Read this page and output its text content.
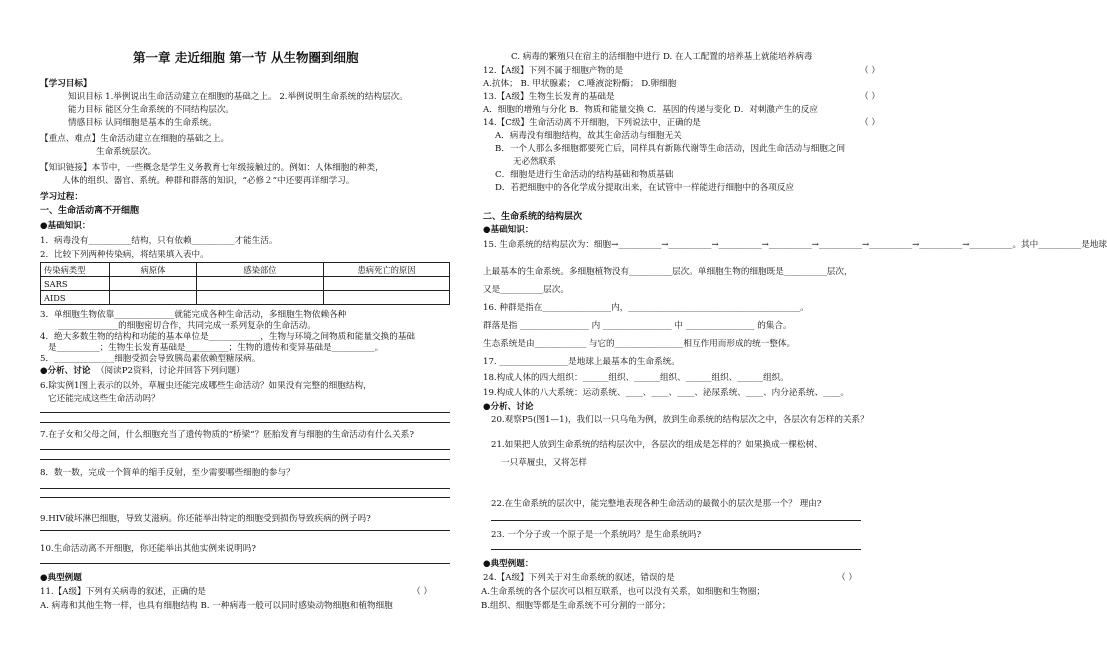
第一章 走近细胞 第一节 从生物圈到细胞
【学习目标】
知识目标 1.举例说出生命活动建立在细胞的基础之上。 2.举例说明生命系统的结构层次。
能力目标 能区分生命系统的不同结构层次。
情感目标 认同细胞是基本的生命系统。
【重点、难点】生命活动建立在细胞的基础之上。
生命系统层次。
【知识链接】本节中，一些概念是学生义务教育七年级接触过的。例如：人体细胞的种类，
人体的组织、器官、系统。种群和群落的知识，“必修２”中还要再详细学习。
学习过程：
一、生命活动离不开细胞
●基础知识：
1．病毒没有__________结构，只有依赖__________才能生活。
2．比较下列两种传染病，将结果填入表中。
传染病类型	病原体	感染部位	患病死亡的原因
SARS			
AIDS			
3．单细胞生物依靠______________就能完成各种生命活动，多细胞生物依赖各种
______________的细胞密切合作，共同完成一系列复杂的生命活动。
4．绝大多数生物的结构和功能的基本单位是____________，生物与环境之间物质和能量交换的基础
是__________；生物生长发育基础是__________；生物的遗传和变异基础是__________。
5．______________细胞受损会导致胰岛素依赖型糖尿病。
●分析、讨论 （阅读P2资料，讨论并回答下列问题）
6.除实例1图上表示的以外，草履虫还能完成哪些生命活动？如果没有完整的细胞结构，
它还能完成这些生命活动吗？
7.在子女和父母之间，什么细胞充当了遗传物质的“桥梁”？胚胎发育与细胞的生命活动有什么关系?
8．数一数，完成一个简单的缩手反射，至少需要哪些细胞的参与？
9.HIV破坏淋巴细胞，导致艾滋病。你还能举出特定的细胞受到损伤导致疾病的例子吗?
10.生命活动离不开细胞，你还能举出其他实例来说明吗?
●典型例题
11.【A级】下列有关病毒的叙述，正确的是	（ ）
A. 病毒和其他生物一样，也具有细胞结构 B. 一种病毒一般可以同时感染动物细胞和植物细胞
C. 病毒的繁殖只在宿主的活细胞中进行 D. 在人工配置的培养基上就能培养病毒
12.【A级】下列不属于细胞产物的是	（ ）
A.抗体； B. 甲状腺素； C.唾液淀粉酶； D.卵细胞
13.【A级】生物生长发育的基础是	（ ）
A．细胞的增殖与分化 B．物质和能量交换 C．基因的传递与变化 D．对刺激产生的反应
14.【C级】生命活动离不开细胞，下列说法中，正确的是	（ ）
A．病毒没有细胞结构，故其生命活动与细胞无关
B．一个人那么多细胞都要死亡后，同样具有新陈代谢等生命活动，因此生命活动与细胞之间
无必然联系
C．细胞是进行生命活动的结构基础和物质基础
D．若把细胞中的各化学成分提取出来，在试管中一样能进行细胞中的各项反应
二、生命系统的结构层次
●基础知识：
15. 生命系统的结构层次为：细胞→__________→__________→__________→__________→__________→__________→__________→__________。其中__________是地球
上最基本的生命系统。多细胞植物没有__________层次。单细胞生物的细胞既是__________层次，
又是__________层次。
16. 种群是指在________________内，________________________________________。
群落是指 ________________ 内 ________________ 中 ________________ 的集合。
生态系统是由____________ 与它的________________相互作用而形成的统一整体。
17. ________________是地球上最基本的生命系统。
18.构成人体的四大组织：______组织、______组织、______组织、______组织。
19.构成人体的八大系统：运动系统、____、____、____、泌尿系统、____、内分泌系统、____。
●分析、讨论
20.观察P5(图1—1)，我们以一只乌龟为例，放到生命系统的结构层次之中，各层次有怎样的关系？
21.如果把人放到生命系统的结构层次中，各层次的组成是怎样的？如果换成一棵松树、
一只草履虫，又将怎样
22.在生命系统的层次中，能完整地表现各种生命活动的最微小的层次是那一个？ 理由?
23. 一个分子或一个原子是一个系统吗？是生命系统吗?
●典型例题：
24.【A级】下列关于对生命系统的叙述，错误的是	（ ）
A.生命系统的各个层次可以相互联系，也可以没有关系，如细胞和生物圈；
B.组织、细胞等都是生命系统不可分割的一部分；
